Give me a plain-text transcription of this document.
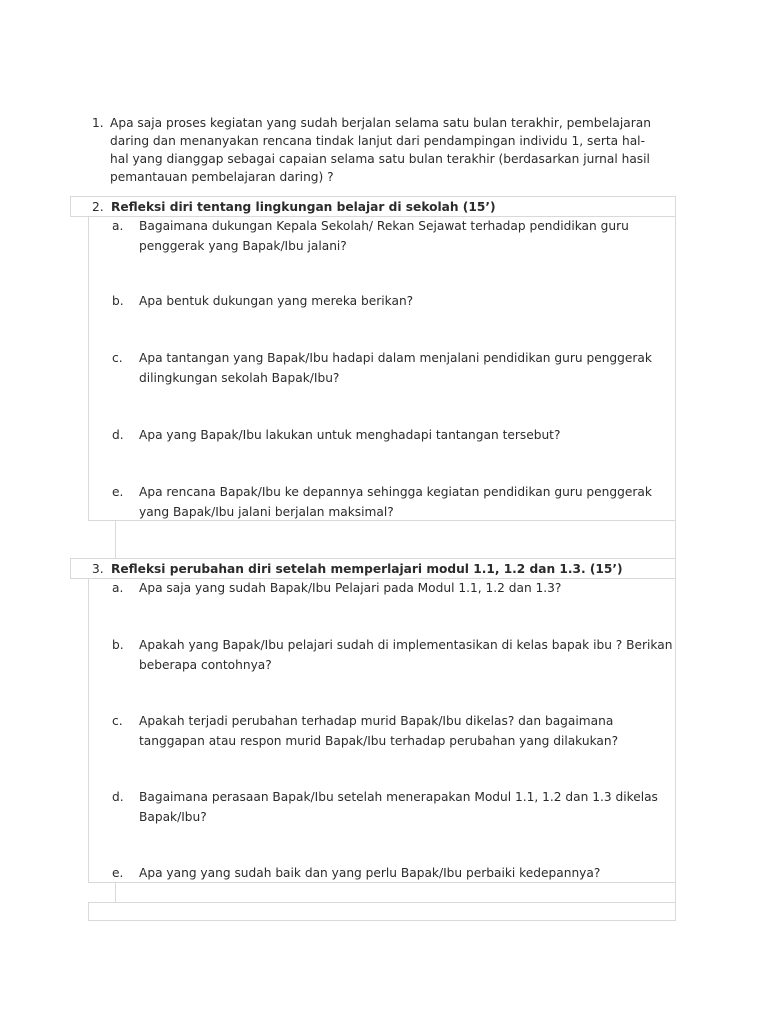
1. Apa saja proses kegiatan yang sudah berjalan selama satu bulan terakhir, pembelajaran daring dan menanyakan rencana tindak lanjut dari pendampingan individu 1, serta hal-hal yang dianggap sebagai capaian selama satu bulan terakhir (berdasarkan jurnal hasil pemantauan pembelajaran daring) ?
2. Refleksi diri tentang lingkungan belajar di sekolah (15’)
a. Bagaimana dukungan Kepala Sekolah/ Rekan Sejawat terhadap pendidikan guru penggerak yang Bapak/Ibu jalani?
b. Apa bentuk dukungan yang mereka berikan?
c. Apa tantangan yang Bapak/Ibu hadapi dalam menjalani pendidikan guru penggerak dilingkungan sekolah Bapak/Ibu?
d. Apa yang Bapak/Ibu lakukan untuk menghadapi tantangan tersebut?
e. Apa rencana Bapak/Ibu ke depannya sehingga kegiatan pendidikan guru penggerak yang Bapak/Ibu jalani berjalan maksimal?
3. Refleksi perubahan diri setelah memperlajari modul 1.1, 1.2 dan 1.3. (15’)
a. Apa saja yang sudah Bapak/Ibu Pelajari pada Modul 1.1, 1.2 dan 1.3?
b. Apakah yang Bapak/Ibu pelajari sudah di implementasikan di kelas bapak ibu ? Berikan beberapa contohnya?
c. Apakah terjadi perubahan terhadap murid Bapak/Ibu dikelas? dan bagaimana tanggapan atau respon murid Bapak/Ibu terhadap perubahan yang dilakukan?
d. Bagaimana perasaan Bapak/Ibu setelah menerapakan Modul 1.1, 1.2 dan 1.3 dikelas Bapak/Ibu?
e. Apa yang yang sudah baik dan yang perlu Bapak/Ibu perbaiki kedepannya?
